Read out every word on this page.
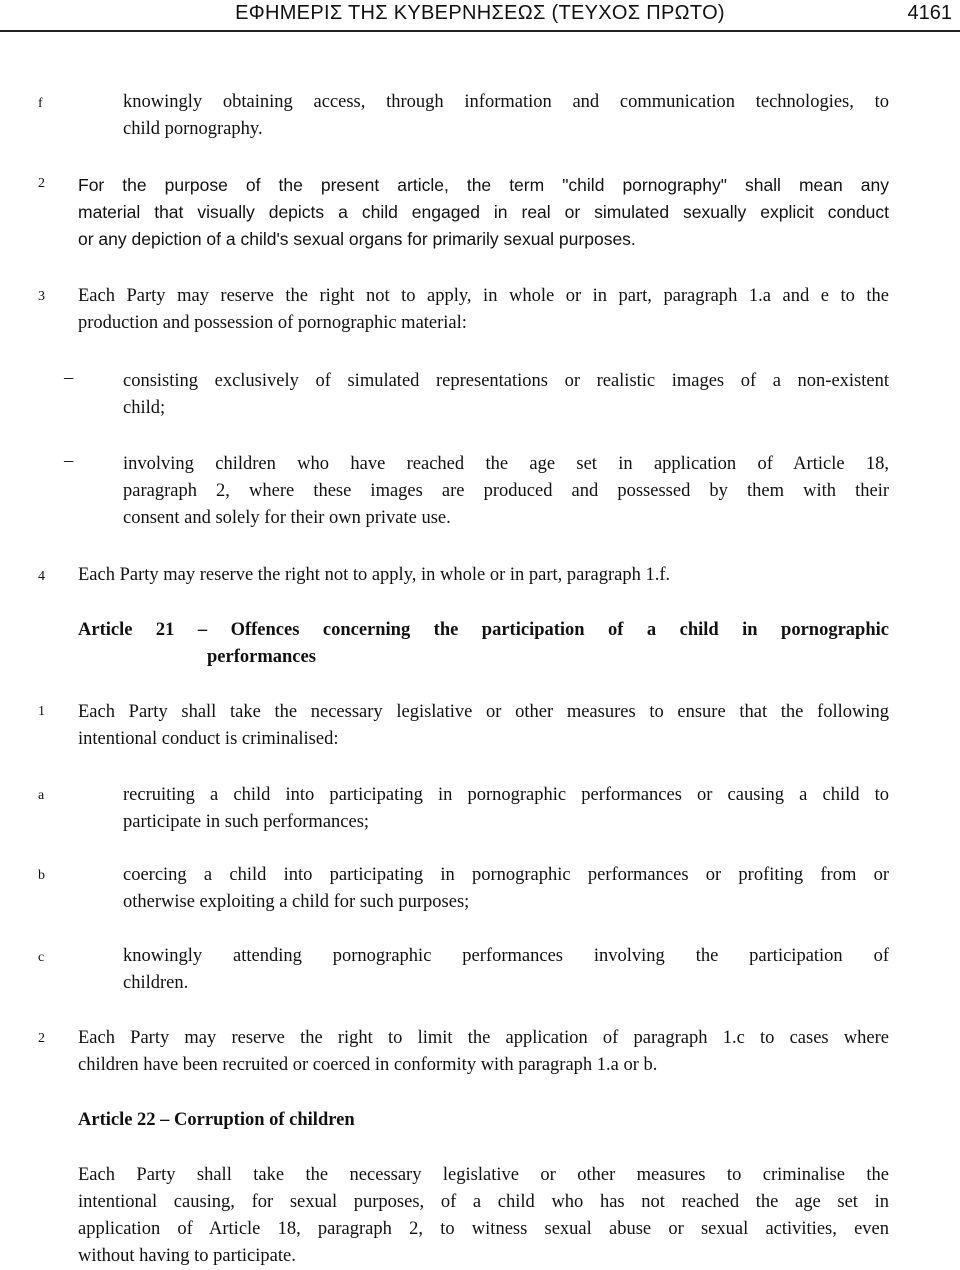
ΕΦΗΜΕΡΙΣ ΤΗΣ ΚΥΒΕΡΝΗΣΕΩΣ (ΤΕΥΧΟΣ ΠΡΩΤΟ)	4161
f	knowingly obtaining access, through information and communication technologies, to
child pornography.
2 For the purpose of the present article, the term "child pornography" shall mean any
material that visually depicts a child engaged in real or simulated sexually explicit conduct
or any depiction of a child's sexual organs for primarily sexual purposes.
3 Each Party may reserve the right not to apply, in whole or in part, paragraph 1.a and e to the
production and possession of pornographic material:
–	consisting exclusively of simulated representations or realistic images of a non-existent
child;
–	involving children who have reached the age set in application of Article 18,
paragraph 2, where these images are produced and possessed by them with their
consent and solely for their own private use.
4 Each Party may reserve the right not to apply, in whole or in part, paragraph 1.f.
Article 21 – Offences concerning the participation of a child in pornographic
performances
1 Each Party shall take the necessary legislative or other measures to ensure that the following
intentional conduct is criminalised:
a	recruiting a child into participating in pornographic performances or causing a child to
participate in such performances;
b	coercing a child into participating in pornographic performances or profiting from or
otherwise exploiting a child for such purposes;
c	knowingly attending pornographic performances involving the participation of
children.
2 Each Party may reserve the right to limit the application of paragraph 1.c to cases where
children have been recruited or coerced in conformity with paragraph 1.a or b.
Article 22 – Corruption of children
Each Party shall take the necessary legislative or other measures to criminalise the
intentional causing, for sexual purposes, of a child who has not reached the age set in
application of Article 18, paragraph 2, to witness sexual abuse or sexual activities, even
without having to participate.
